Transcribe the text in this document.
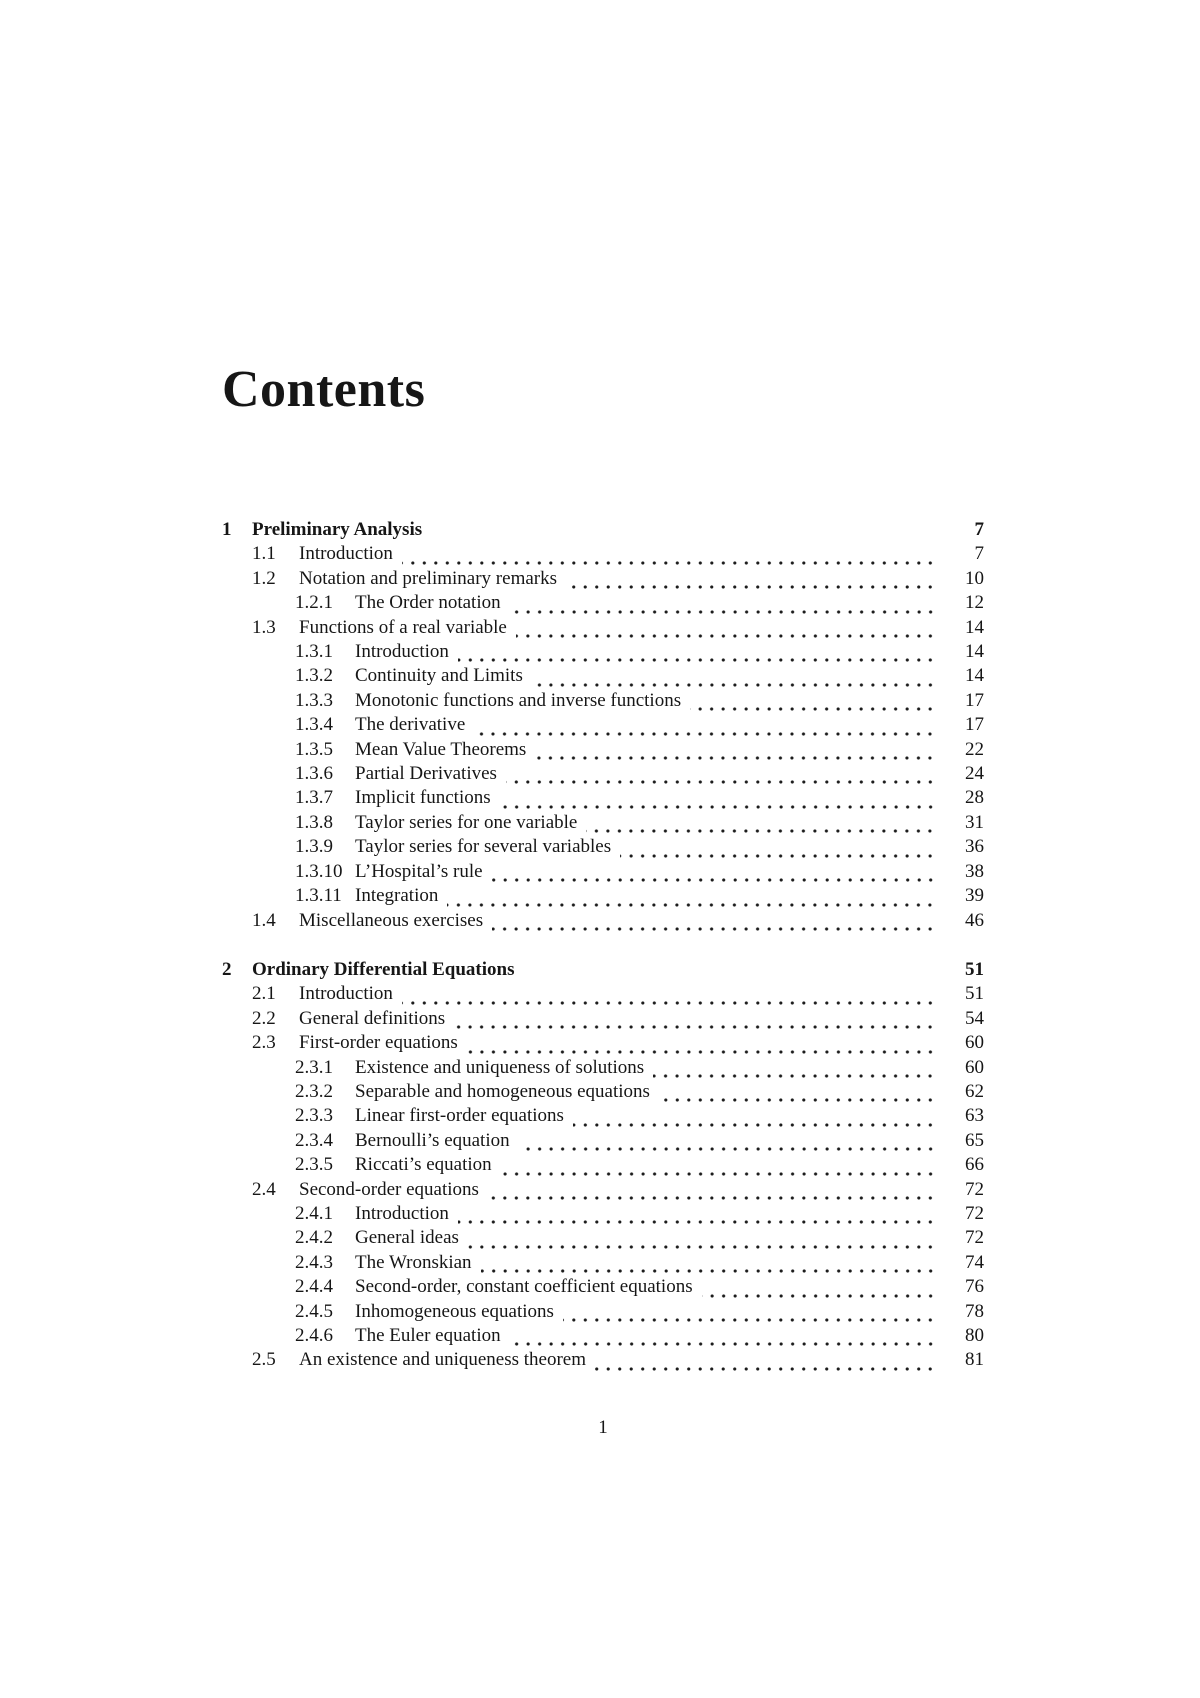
Contents
1	Preliminary Analysis	7
1.1	Introduction	7
1.2	Notation and preliminary remarks	10
1.2.1	The Order notation	12
1.3	Functions of a real variable	14
1.3.1	Introduction	14
1.3.2	Continuity and Limits	14
1.3.3	Monotonic functions and inverse functions	17
1.3.4	The derivative	17
1.3.5	Mean Value Theorems	22
1.3.6	Partial Derivatives	24
1.3.7	Implicit functions	28
1.3.8	Taylor series for one variable	31
1.3.9	Taylor series for several variables	36
1.3.10 L’Hospital’s rule	38
1.3.11 Integration	39
1.4	Miscellaneous exercises	46
2	Ordinary Differential Equations	51
2.1	Introduction	51
2.2	General definitions	54
2.3	First-order equations	60
2.3.1	Existence and uniqueness of solutions	60
2.3.2	Separable and homogeneous equations	62
2.3.3	Linear first-order equations	63
2.3.4	Bernoulli’s equation	65
2.3.5	Riccati’s equation	66
2.4	Second-order equations	72
2.4.1	Introduction	72
2.4.2	General ideas	72
2.4.3	The Wronskian	74
2.4.4	Second-order, constant coefficient equations	76
2.4.5	Inhomogeneous equations	78
2.4.6	The Euler equation	80
2.5	An existence and uniqueness theorem	81
1
